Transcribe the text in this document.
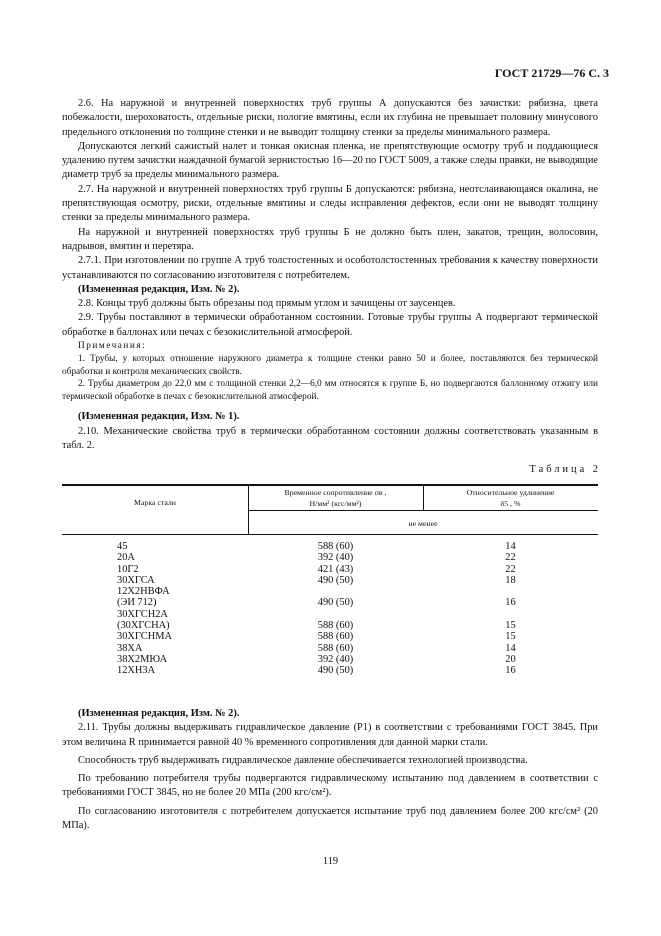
ГОСТ 21729—76 С. 3

2.6. На наружной и внутренней поверхностях труб группы А допускаются без зачистки: рябизна, цвета побежалости, шероховатость, отдельные риски, пологие вмятины, если их глубина не превышает половину минусового предельного отклонения по толщине стенки и не выводит толщину стенки за пределы минимального размера.

Допускаются легкий сажистый налет и тонкая окисная пленка, не препятствующие осмотру труб и поддающиеся удалению путем зачистки наждачной бумагой зернистостью 16—20 по ГОСТ 5009, а также следы правки, не выводящие диаметр труб за пределы минимального размера.

2.7. На наружной и внутренней поверхностях труб группы Б допускаются: рябизна, неотслаивающаяся окалина, не препятствующая осмотру, риски, отдельные вмятины и следы исправления дефектов, если они не выводят толщину стенки за пределы минимального размера.

На наружной и внутренней поверхностях труб группы Б не должно быть плен, закатов, трещин, волосовин, надрывов, вмятин и перетяра.

2.7.1. При изготовлении по группе А труб толстостенных и особотолстостенных требования к качеству поверхности устанавливаются по согласованию изготовителя с потребителем.

(Измененная редакция, Изм. № 2).

2.8. Концы труб должны быть обрезаны под прямым углом и зачищены от заусенцев.

2.9. Трубы поставляют в термически обработанном состоянии. Готовые трубы группы А подвергают термической обработке в баллонах или печах с безокислительной атмосферой.

Примечания:

1. Трубы, у которых отношение наружного диаметра к толщине стенки равно 50 и более, поставляются без термической обработки и контроля механических свойств.

2. Трубы диаметром до 22,0 мм с толщиной стенки 2,2—6,0 мм относятся к группе Б, но подвергаются баллонному отжигу или термической обработке в печах с безокислительной атмосферой.

(Измененная редакция, Изм. № 1).

2.10. Механические свойства труб в термически обработанном состоянии должны соответствовать указанным в табл. 2.

Таблица 2
Марка стали
Временное сопротивление σв ,
Н/мм² (кгс/мм²)
Относительное удлинение
δ5 , %
не менее
45
20А
10Г2
30ХГСА
12Х2НВФА
(ЭИ 712)
30ХГСН2А
(30ХГСНА)
30ХГСНМА
38ХА
38Х2МЮА
12ХН3А
588 (60)
392 (40)
421 (43)
490 (50)
490 (50)
588 (60)
588 (60)
588 (60)
392 (40)
490 (50)
14
22
22
18
16
15
15
14
20
16

(Измененная редакция, Изм. № 2).

2.11. Трубы должны выдерживать гидравлическое давление (P1) в соответствии с требованиями ГОСТ 3845. При этом величина R принимается равной 40 % временного сопротивления для данной марки стали.

Способность труб выдерживать гидравлическое давление обеспечивается технологией производства.

По требованию потребителя трубы подвергаются гидравлическому испытанию под давлением в соответствии с требованиями ГОСТ 3845, но не более 20 МПа (200 кгс/см²).

По согласованию изготовителя с потребителем допускается испытание труб под давлением более 200 кгс/см² (20 МПа).

119
